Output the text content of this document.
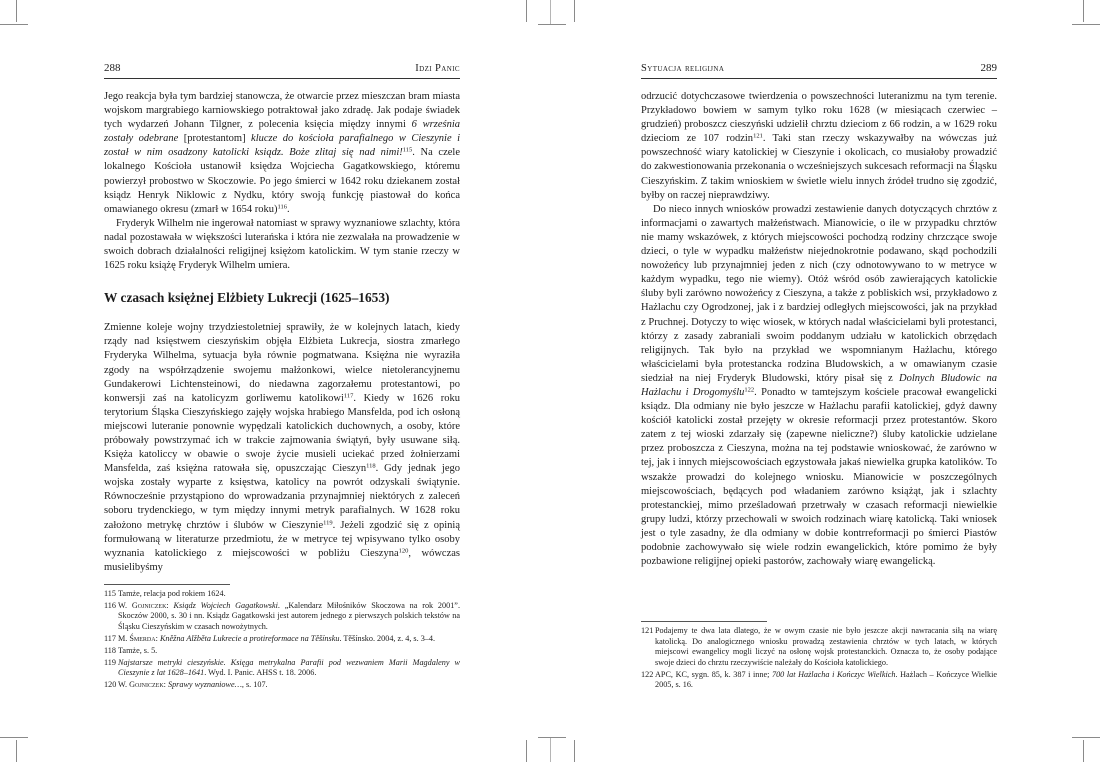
288	Idzi Panic

Jego reakcja była tym bardziej stanowcza, że otwarcie przez mieszczan bram miasta wojskom margrabiego karniowskiego potraktował jako zdradę. Jak podaje świadek tych wydarzeń Johann Tilgner, z polecenia księcia między innymi 6 września zostały odebrane [protestantom] klucze do kościoła parafialnego w Cieszynie i został w nim osadzony katolicki ksiądz. Boże zlitaj się nad nimi!$^{115}$. Na czele lokalnego Kościoła ustanowił księdza Wojciecha Gagatkowskiego, któremu powierzył probostwo w Skoczowie. Po jego śmierci w 1642 roku dziekanem został ksiądz Henryk Niklowic z Nydku, który swoją funkcję piastował do końca omawianego okresu (zmarł w 1654 roku)$^{116}$.

Fryderyk Wilhelm nie ingerował natomiast w sprawy wyznaniowe szlachty, która nadal pozostawała w większości luterańska i która nie zezwalała na prowadzenie w swoich dobrach działalności religijnej księżom katolickim. W tym stanie rzeczy w 1625 roku książę Fryderyk Wilhelm umiera.

W czasach księżnej Elżbiety Lukrecji (1625–1653)

Zmienne koleje wojny trzydziestoletniej sprawiły, że w kolejnych latach, kiedy rządy nad księstwem cieszyńskim objęła Elżbieta Lukrecja, siostra zmarłego Fryderyka Wilhelma, sytuacja była równie pogmatwana. Księżna nie wyraziła zgody na współrządzenie swojemu małżonkowi, wielce nietolerancyjnemu Gundakerowi Lichtensteinowi, do niedawna zagorzałemu protestantowi, po konwersji zaś na katolicyzm gorliwemu katolikowi$^{117}$. Kiedy w 1626 roku terytorium Śląska Cieszyńskiego zajęły wojska hrabiego Mansfelda, pod ich osłoną miejscowi luteranie ponownie wypędzali katolickich duchownych, a osoby, które próbowały powstrzymać ich w trakcie zajmowania świątyń, były usuwane siłą. Księża katoliccy w obawie o swoje życie musieli uciekać przed żołnierzami Mansfelda, zaś księżna ratowała się, opuszczając Cieszyn$^{118}$. Gdy jednak jego wojska zostały wyparte z księstwa, katolicy na powrót odzyskali świątynie. Równocześnie przystąpiono do wprowadzania przynajmniej niektórych z zaleceń soboru trydenckiego, w tym między innymi metryk parafialnych. W 1628 roku założono metrykę chrztów i ślubów w Cieszynie$^{119}$. Jeżeli zgodzić się z opinią formułowaną w literaturze przedmiotu, że w metryce tej wpisywano tylko osoby wyznania katolickiego z miejscowości w pobliżu Cieszyna$^{120}$, wówczas musielibyśmy

115 Tamże, relacja pod rokiem 1624.
116 W. Gojniczek: Ksiądz Wojciech Gagatkowski. „Kalendarz Miłośników Skoczowa na rok 2001”. Skoczów 2000, s. 30 i nn. Ksiądz Gagatkowski jest autorem jednego z pierwszych polskich tekstów na Śląsku Cieszyńskim w czasach nowożytnych.
117 M. Śmerda: Kněžna Alžběta Lukrecie a protireformace na Těšínsku. Těšínsko. 2004, z. 4, s. 3–4.
118 Tamże, s. 5.
119 Najstarsze metryki cieszyńskie. Księga metrykalna Parafii pod wezwaniem Marii Magdaleny w Cieszynie z lat 1628–1641. Wyd. I. Panic. AHSS t. 18. 2006.
120 W. Gojniczek: Sprawy wyznaniowe…, s. 107.
Sytuacja religijna	289

odrzucić dotychczasowe twierdzenia o powszechności luteranizmu na tym terenie. Przykładowo bowiem w samym tylko roku 1628 (w miesiącach czerwiec – grudzień) proboszcz cieszyński udzielił chrztu dzieciom z 66 rodzin, a w 1629 roku dzieciom ze 107 rodzin$^{121}$. Taki stan rzeczy wskazywałby na wówczas już powszechność wiary katolickiej w Cieszynie i okolicach, co musiałoby prowadzić do zakwestionowania przekonania o wcześniejszych sukcesach reformacji na Śląsku Cieszyńskim. Z takim wnioskiem w świetle wielu innych źródeł trudno się zgodzić, byłby on raczej nieprawdziwy.

Do nieco innych wniosków prowadzi zestawienie danych dotyczących chrztów z informacjami o zawartych małżeństwach. Mianowicie, o ile w przypadku chrztów nie mamy wskazówek, z których miejscowości pochodzą rodziny chrzczące swoje dzieci, o tyle w wypadku małżeństw niejednokrotnie podawano, skąd pochodzili nowożeńcy lub przynajmniej jeden z nich (czy odnotowywano to w metryce w każdym wypadku, tego nie wiemy). Otóż wśród osób zawierających katolickie śluby byli zarówno nowożeńcy z Cieszyna, a także z pobliskich wsi, przykładowo z Hażlachu czy Ogrodzonej, jak i z bardziej odległych miejscowości, jak na przykład z Pruchnej. Dotyczy to więc wiosek, w których nadal właścicielami byli protestanci, którzy z zasady zabraniali swoim poddanym udziału w katolickich obrzędach religijnych. Tak było na przykład we wspomnianym Hażlachu, którego właścicielami była protestancka rodzina Bludowskich, a w omawianym czasie siedział na niej Fryderyk Bludowski, który pisał się z Dolnych Bludowic na Hażlachu i Drogomyślu$^{122}$. Ponadto w tamtejszym kościele pracował ewangelicki ksiądz. Dla odmiany nie było jeszcze w Hażlachu parafii katolickiej, gdyż dawny kościół katolicki został przejęty w okresie reformacji przez protestantów. Skoro zatem z tej wioski zdarzały się (zapewne nieliczne?) śluby katolickie udzielane przez proboszcza z Cieszyna, można na tej podstawie wnioskować, że zarówno w tej, jak i innych miejscowościach egzystowała jakaś niewielka grupka katolików. To wszakże prowadzi do kolejnego wniosku. Mianowicie w poszczególnych miejscowościach, będących pod władaniem zarówno książąt, jak i szlachty protestanckiej, mimo prześladowań przetrwały w czasach reformacji niewielkie grupy ludzi, którzy przechowali w swoich rodzinach wiarę katolicką. Taki wniosek jest o tyle zasadny, że dla odmiany w dobie kontrreformacji po śmierci Piastów podobnie zachowywało się wiele rodzin ewangelickich, które pomimo że były pozbawione religijnej opieki pastorów, zachowały wiarę ewangelicką.

121 Podajemy te dwa lata dlatego, że w owym czasie nie było jeszcze akcji nawracania siłą na wiarę katolicką. Do analogicznego wniosku prowadzą zestawienia chrztów w tych latach, w których miejscowi ewangelicy mogli liczyć na osłonę wojsk protestanckich. Oznacza to, że osoby podające swoje dzieci do chrztu rzeczywiście należały do Kościoła katolickiego.
122 APC, KC, sygn. 85, k. 387 i inne; 700 lat Hażlacha i Kończyc Wielkich. Hażlach – Kończyce Wielkie 2005, s. 16.
